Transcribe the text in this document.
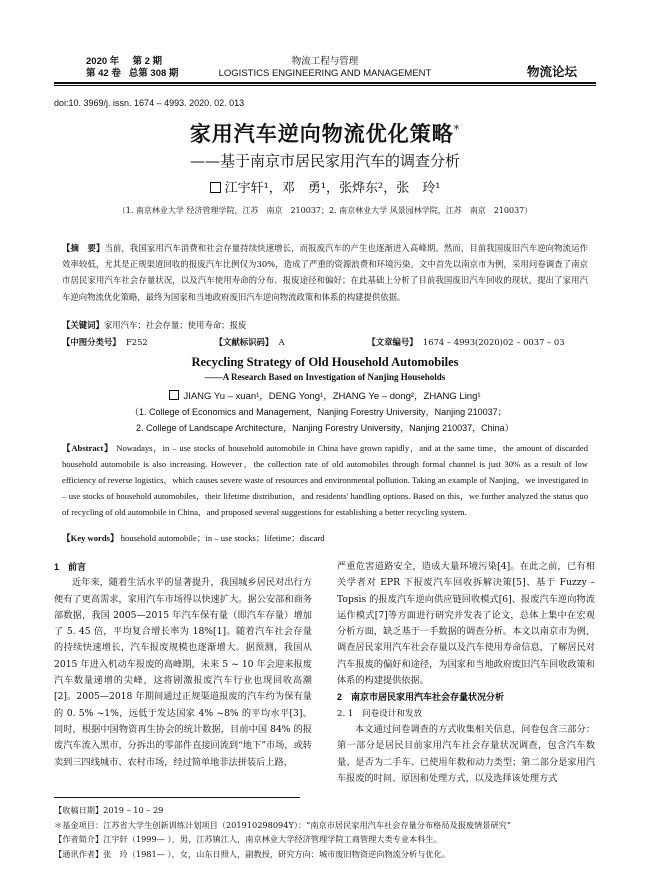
2020 年 第 2 期
第 42 卷 总第 308 期
物流工程与管理
LOGISTICS ENGINEERING AND MANAGEMENT	物流论坛
doi:10. 3969/j. issn. 1674 – 4993. 2020. 02. 013
家用汽车逆向物流优化策略*
——基于南京市居民家用汽车的调查分析
江宇轩¹，邓　勇¹，张烨东²，张　玲¹
（1. 南京林业大学 经济管理学院，江苏　南京　210037；2. 南京林业大学 风景园林学院，江苏　南京　210037）
【摘　要】当前，我国家用汽车消费和社会存量持续快速增长，而报废汽车的产生也逐渐进入高峰期。然而，目前我国废旧汽车逆向物流运作效率较低，尤其是正规渠道回收的报废汽车比例仅为30%，造成了严重的资源浪费和环境污染。文中首先以南京市为例，采用问卷调查了南京市居民家用汽车社会存量状况，以及汽车使用寿命的分布、报废途径和偏好；在此基础上分析了目前我国废旧汽车回收的现状，提出了家用汽车逆向物流优化策略，最终为国家和当地政府废旧汽车逆向物流政策和体系的构建提供依据。
【关键词】家用汽车；社会存量；使用寿命；报废
【中图分类号】 F252	【文献标识码】 A	【文章编号】 1674 – 4993(2020)02 – 0037 – 03
Recycling Strategy of Old Household Automobiles
——A Research Based on Investigation of Nanjing Households
JIANG Yu – xuan¹，DENG Yong¹，ZHANG Ye – dong²，ZHANG Ling¹
（1. College of Economics and Management，Nanjing Forestry University，Nanjing 210037；
2. College of Landscape Architecture，Nanjing Forestry University，Nanjing 210037，China）
【Abstract】 Nowadays，in – use stocks of household automobile in China have grown rapidly，and at the same time，the amount of discarded household automobile is also increasing. However，the collection rate of old automobiles through formal channel is just 30% as a result of low efficiency of reverse logistics，which causes severe waste of resources and environmental pollution. Taking an example of Nanjing，we investigated in – use stocks of household automobiles，their lifetime distribution，and residents' handling options. Based on this，we further analyzed the status quo of recycling of old automobile in China，and proposed several suggestions for establishing a better recycling system.
【Key words】 household automobile；in – use stocks；lifetime；discard

1　前言

近年来，随着生活水平的显著提升，我国城乡居民对出行方便有了更高需求，家用汽车市场得以快速扩大。据公安部和商务部数据，我国 2005—2015 年汽车保有量（即汽车存量）增加了 5. 45 倍，平均复合增长率为 18%[1]。随着汽车社会存量的持续快速增长，汽车报废规模也逐渐增大。据预测，我国从 2015 年进入机动车报废的高峰期，未来 5 ~ 10 年会迎来报废汽车数量递增的尖峰，这将剧激报废汽车行业也现回收高潮[2]。2005—2018 年期间通过正规渠道报废的汽车约为保有量的 0. 5% ~1%，远低于发达国家 4% ~8% 的平均水平[3]。同时，根据中国物资再生协会的统计数据，目前中国 84% 的报废汽车流入黑市，分拆出的零部件直接回流到“地下”市场，或转卖到三四线城市、农村市场，经过简单地非法拼装后上路，

严重危害道路安全，造成大量环境污染[4]。在此之前，已有相关学者对 EPR 下报废汽车回收拆解决策[5]、基于 Fuzzy – Topsis 的报废汽车逆向供应链回收模式[6]、报废汽车逆向物流运作模式[7]等方面进行研究并发表了论文，总体上集中在宏观分析方面，缺乏基于一手数据的调查分析。本文以南京市为例，调查居民家用汽车社会存量以及汽车使用寿命信息，了解居民对汽车报废的偏好和途径，为国家和当地政府废旧汽车回收政策和体系的构建提供依据。

2　南京市居民家用汽车社会存量状况分析

2. 1　问卷设计和发放

本文通过问卷调查的方式收集相关信息，问卷包含三部分：第一部分是居民目前家用汽车社会存量状况调查，包含汽车数量、是否为二手车、已使用年数和动力类型；第二部分是家用汽车报废的时间、原因和处理方式，以及选择该处理方式

【收稿日期】2019 – 10 – 29
＊基金项目：江苏省大学生创新训练计划项目（201910298094Y）：“南京市居民家用汽车社会存量分布格局及报废情景研究”
【作者简介】江宇轩（1999— ），男，江苏镇江人，南京林业大学经济管理学院工商管理大类专业本科生。
【通讯作者】张　玲（1981— ），女，山东日照人，副教授，研究方向：城市废旧物资逆向物流分析与优化。
